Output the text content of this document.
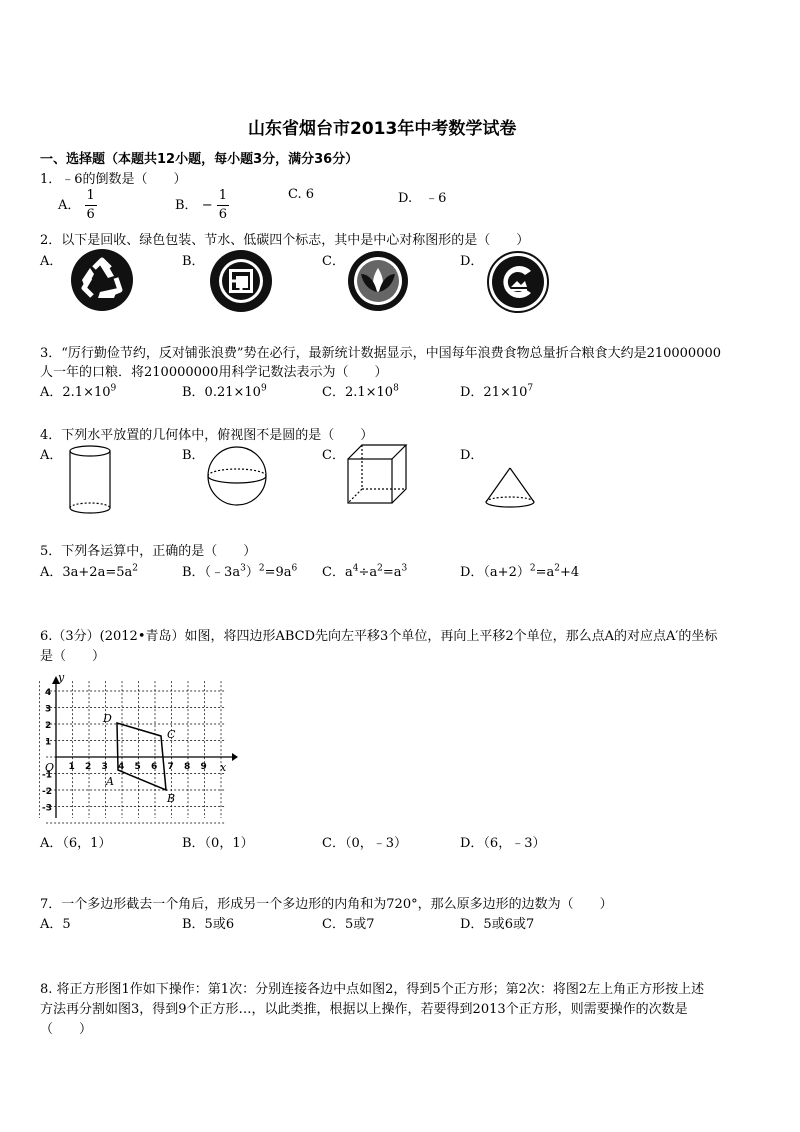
山东省烟台市2013年中考数学试卷
一、选择题（本题共12小题，每小题3分，满分36分）
1．﹣6的倒数是（　　）
A． $\frac{1}{6}$	B． − $\frac{1}{6}$	C. 6	D.　﹣6
2．以下是回收、绿色包装、节水、低碳四个标志，其中是中心对称图形的是（　　）
A．	B．	C．	D．
3．“厉行勤俭节约，反对铺张浪费”势在必行，最新统计数据显示，中国每年浪费食物总量折合粮食大约是210000000
人一年的口粮．将210000000用科学记数法表示为（　　）
A．$2.1\times 10^9$	B．$0.21\times 10^9$	C．$2.1\times 10^8$	D．$21\times 10^7$
4．下列水平放置的几何体中，俯视图不是圆的是（　　）
A．	B．	C．	D．
5．下列各运算中，正确的是（　　）
A．$3a+2a=5a^2$	B．$(﹣3a^3)^2=9a^6$ C．$a^4\div a^2=a^3$	D．$(a+2)^2=a^2+4$
6.（3分）(2012•青岛）如图，将四边形ABCD先向左平移3个单位，再向上平移2个单位，那么点A的对应点A′的坐标
是（　　）
y
x
O
D
C
A
B
1 2 3 4 5 6 7 8 9
4
3
2
1
-1
-2
-3
A．（6，1）	B．（0，1）	C．（0，﹣3）	D．（6，﹣3）
7．一个多边形截去一个角后，形成另一个多边形的内角和为720°，那么原多边形的边数为（　　）
A．5	B．5或6	C．5或7	D．5或6或7
8. 将正方形图1作如下操作：第1次：分别连接各边中点如图2，得到5个正方形；第2次：将图2左上角正方形按上述
方法再分割如图3，得到9个正方形…，以此类推，根据以上操作，若要得到2013个正方形，则需要操作的次数是
（　　）
